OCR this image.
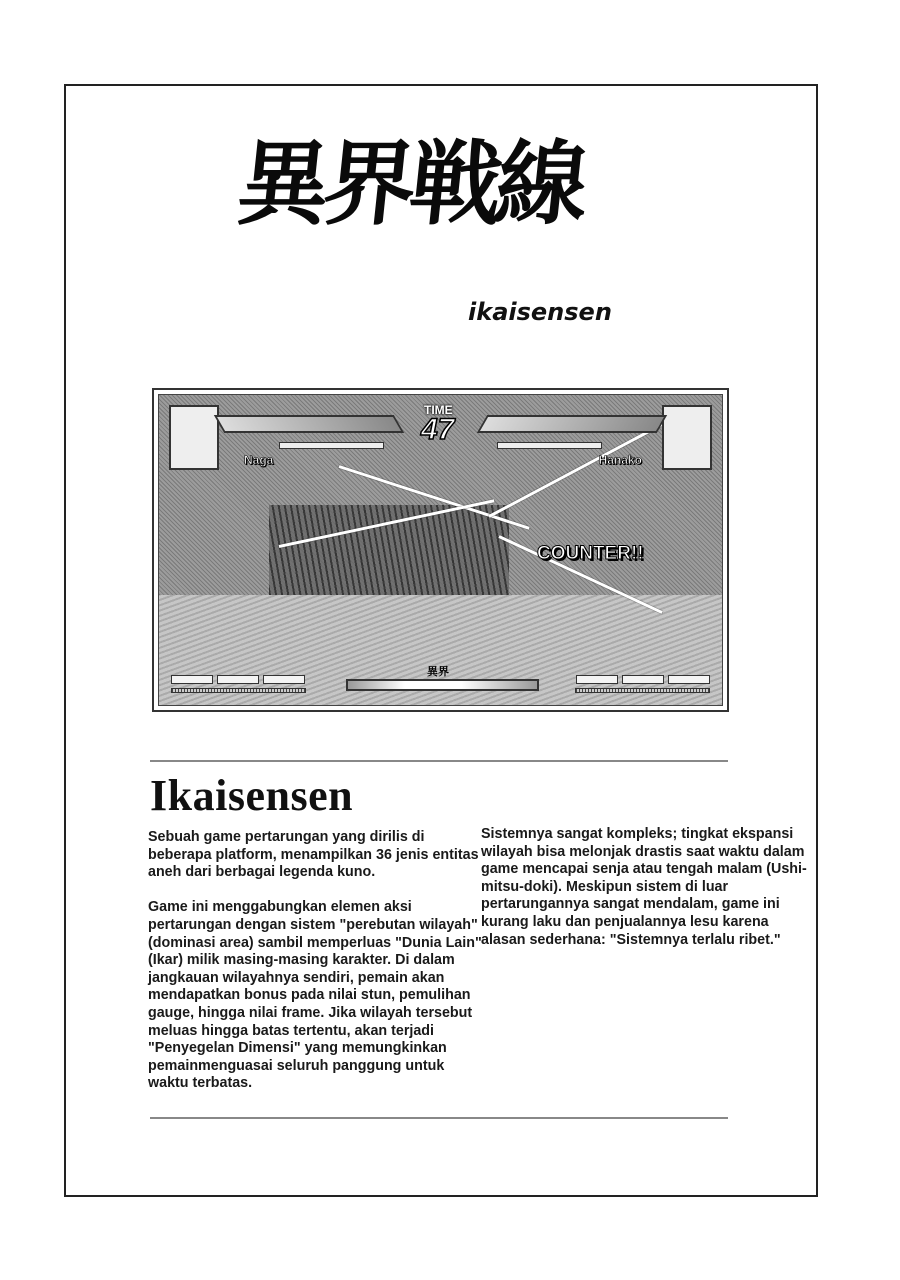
異界戦線
ikaisensen
Naga	Hanako
TIME
47
COUNTER!!
異界
Ikaisensen

Sebuah game pertarungan yang dirilis di beberapa platform, menampilkan 36 jenis entitas aneh dari berbagai legenda kuno.

Game ini menggabungkan elemen aksi pertarungan dengan sistem "perebutan wilayah" (dominasi area) sambil memperluas "Dunia Lain" (Ikar) milik masing-masing karakter. Di dalam jangkauan wilayahnya sendiri, pemain akan mendapatkan bonus pada nilai stun, pemulihan gauge, hingga nilai frame. Jika wilayah tersebut meluas hingga batas tertentu, akan terjadi "Penyegelan Dimensi" yang memungkinkan pemainmenguasai seluruh panggung untuk waktu terbatas.

Sistemnya sangat kompleks; tingkat ekspansi wilayah bisa melonjak drastis saat waktu dalam game mencapai senja atau tengah malam (Ushi-mitsu-doki). Meskipun sistem di luar pertarungannya sangat mendalam, game ini kurang laku dan penjualannya lesu karena alasan sederhana: "Sistemnya terlalu ribet."
